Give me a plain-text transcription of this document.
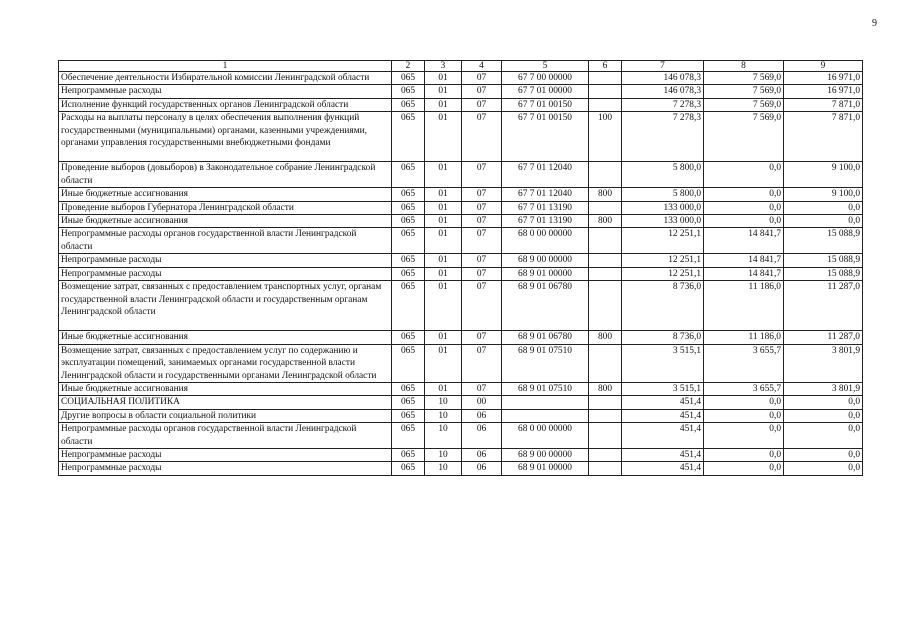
9
1	2	3	4	5	6	7	8	9
Обеспечение деятельности Избирательной комиссии Ленинградской области	065	01	07	67 7 00 00000		146 078,3	7 569,0	16 971,0
Непрограммные расходы	065	01	07	67 7 01 00000		146 078,3	7 569,0	16 971,0
Исполнение функций государственных органов Ленинградской области	065	01	07	67 7 01 00150		7 278,3	7 569,0	7 871,0
Расходы на выплаты персоналу в целях обеспечения выполнения функций государственными (муниципальными) органами, казенными учреждениями, органами управления государственными внебюджетными фондами	065	01	07	67 7 01 00150	100	7 278,3	7 569,0	7 871,0
Проведение выборов (довыборов) в Законодательное собрание Ленинградской области	065	01	07	67 7 01 12040		5 800,0	0,0	9 100,0
Иные бюджетные ассигнования	065	01	07	67 7 01 12040	800	5 800,0	0,0	9 100,0
Проведение выборов Губернатора Ленинградской области	065	01	07	67 7 01 13190		133 000,0	0,0	0,0
Иные бюджетные ассигнования	065	01	07	67 7 01 13190	800	133 000,0	0,0	0,0
Непрограммные расходы органов государственной власти Ленинградской области	065	01	07	68 0 00 00000		12 251,1	14 841,7	15 088,9
Непрограммные расходы	065	01	07	68 9 00 00000		12 251,1	14 841,7	15 088,9
Непрограммные расходы	065	01	07	68 9 01 00000		12 251,1	14 841,7	15 088,9
Возмещение затрат, связанных с предоставлением транспортных услуг, органам государственной власти Ленинградской области и государственным органам Ленинградской области	065	01	07	68 9 01 06780		8 736,0	11 186,0	11 287,0
Иные бюджетные ассигнования	065	01	07	68 9 01 06780	800	8 736,0	11 186,0	11 287,0
Возмещение затрат, связанных с предоставлением услуг по содержанию и эксплуатации помещений, занимаемых органами государственной власти Ленинградской области и государственными органами Ленинградской области	065	01	07	68 9 01 07510		3 515,1	3 655,7	3 801,9
Иные бюджетные ассигнования	065	01	07	68 9 01 07510	800	3 515,1	3 655,7	3 801,9
СОЦИАЛЬНАЯ ПОЛИТИКА	065	10	00			451,4	0,0	0,0
Другие вопросы в области социальной политики	065	10	06			451,4	0,0	0,0
Непрограммные расходы органов государственной власти Ленинградской области	065	10	06	68 0 00 00000		451,4	0,0	0,0
Непрограммные расходы	065	10	06	68 9 00 00000		451,4	0,0	0,0
Непрограммные расходы	065	10	06	68 9 01 00000		451,4	0,0	0,0
